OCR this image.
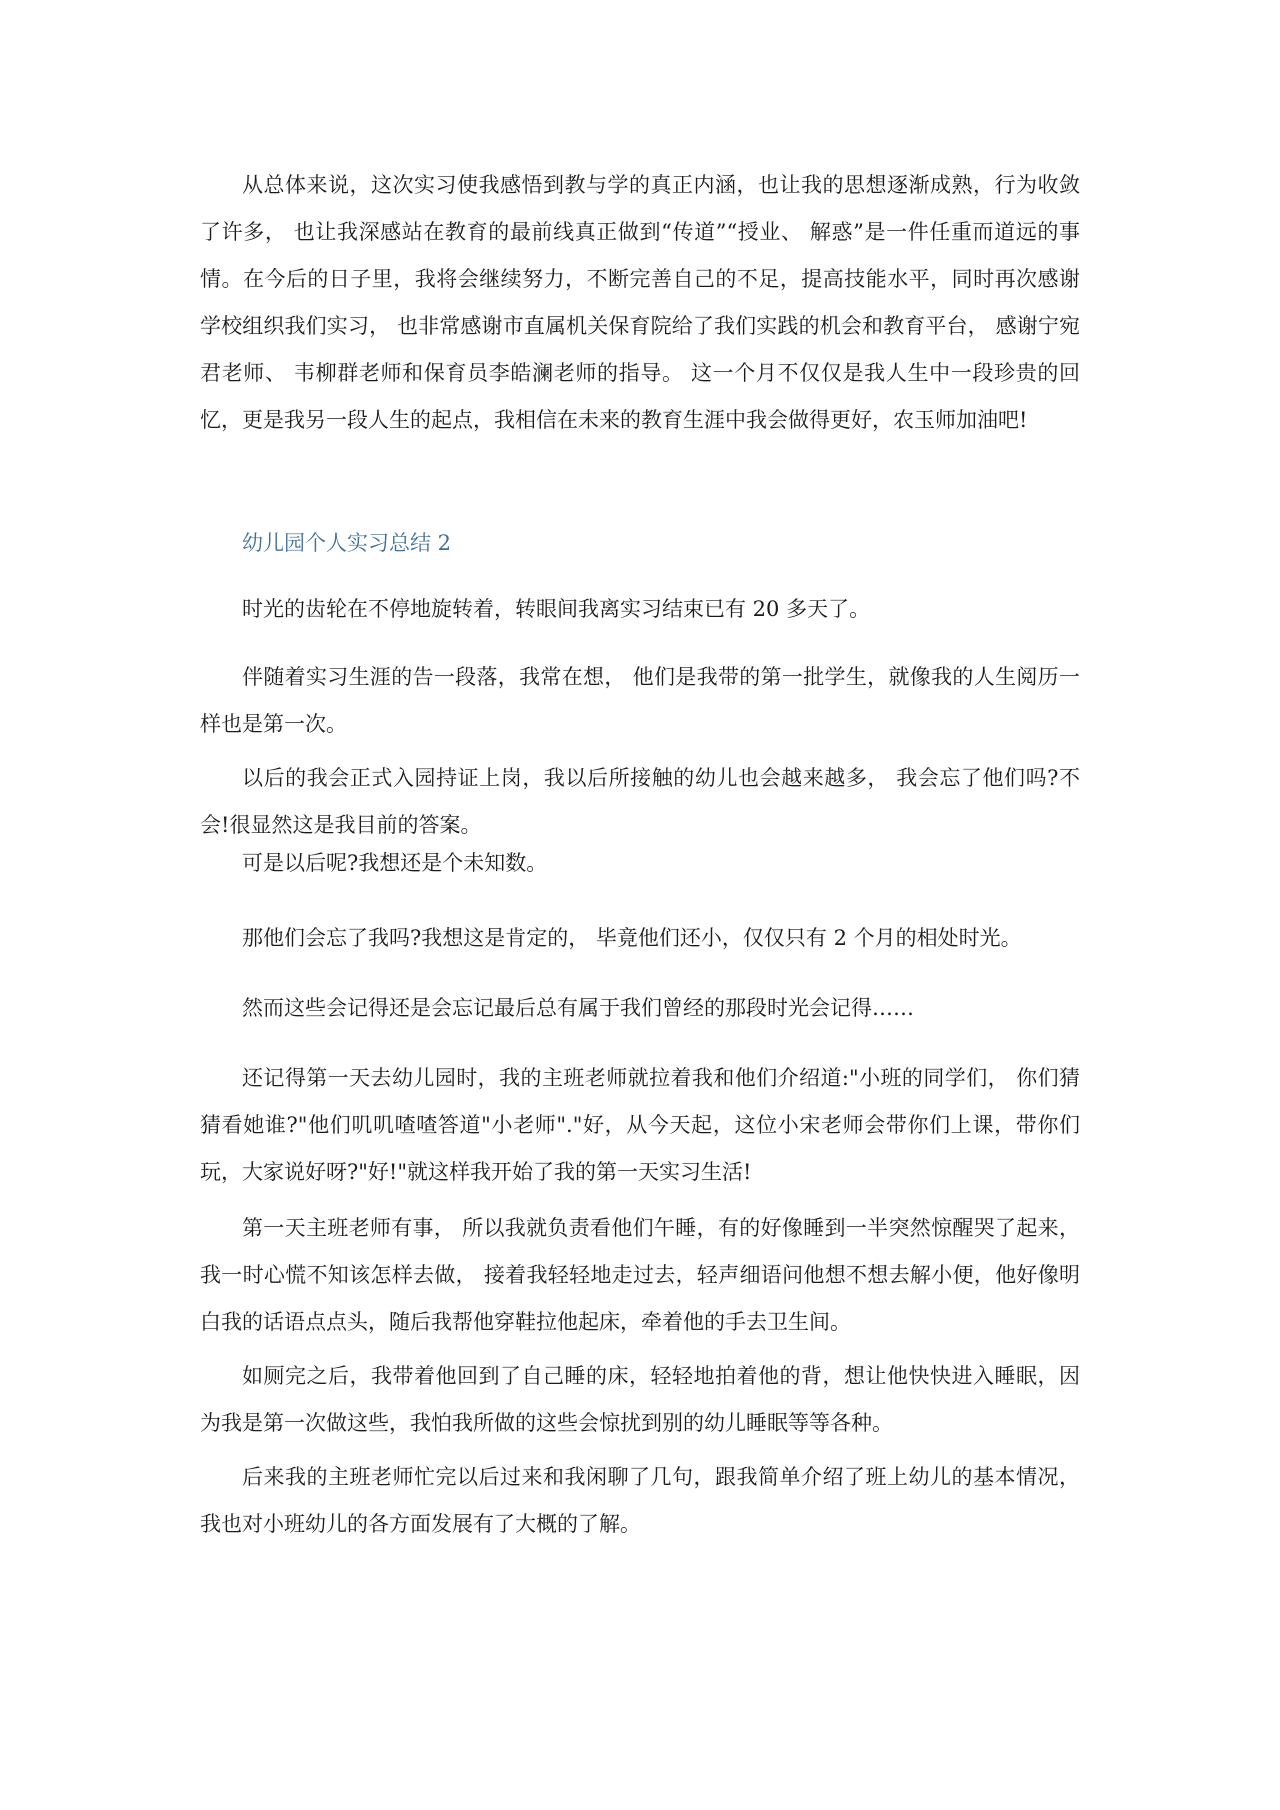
从总体来说，这次实习使我感悟到教与学的真正内涵，也让我的思想逐渐成熟，行为收敛了许多， 也让我深感站在教育的最前线真正做到“传道”“授业、 解惑”是一件任重而道远的事情。在今后的日子里，我将会继续努力，不断完善自己的不足，提高技能水平，同时再次感谢学校组织我们实习， 也非常感谢市直属机关保育院给了我们实践的机会和教育平台， 感谢宁宛君老师、 韦柳群老师和保育员李皓澜老师的指导。 这一个月不仅仅是我人生中一段珍贵的回忆，更是我另一段人生的起点，我相信在未来的教育生涯中我会做得更好，农玉师加油吧!

幼儿园个人实习总结 2

时光的齿轮在不停地旋转着，转眼间我离实习结束已有 20 多天了。

伴随着实习生涯的告一段落，我常在想， 他们是我带的第一批学生，就像我的人生阅历一样也是第一次。

以后的我会正式入园持证上岗，我以后所接触的幼儿也会越来越多， 我会忘了他们吗?不会!很显然这是我目前的答案。

可是以后呢?我想还是个未知数。

那他们会忘了我吗?我想这是肯定的， 毕竟他们还小，仅仅只有 2 个月的相处时光。

然而这些会记得还是会忘记最后总有属于我们曾经的那段时光会记得……

还记得第一天去幼儿园时，我的主班老师就拉着我和他们介绍道:"小班的同学们， 你们猜猜看她谁?"他们叽叽喳喳答道"小老师"."好，从今天起，这位小宋老师会带你们上课，带你们玩，大家说好呀?"好!"就这样我开始了我的第一天实习生活!

第一天主班老师有事， 所以我就负责看他们午睡，有的好像睡到一半突然惊醒哭了起来，我一时心慌不知该怎样去做， 接着我轻轻地走过去，轻声细语问他想不想去解小便，他好像明白我的话语点点头，随后我帮他穿鞋拉他起床，牵着他的手去卫生间。

如厕完之后，我带着他回到了自己睡的床，轻轻地拍着他的背，想让他快快进入睡眠，因为我是第一次做这些，我怕我所做的这些会惊扰到别的幼儿睡眠等等各种。

后来我的主班老师忙完以后过来和我闲聊了几句，跟我简单介绍了班上幼儿的基本情况，我也对小班幼儿的各方面发展有了大概的了解。
